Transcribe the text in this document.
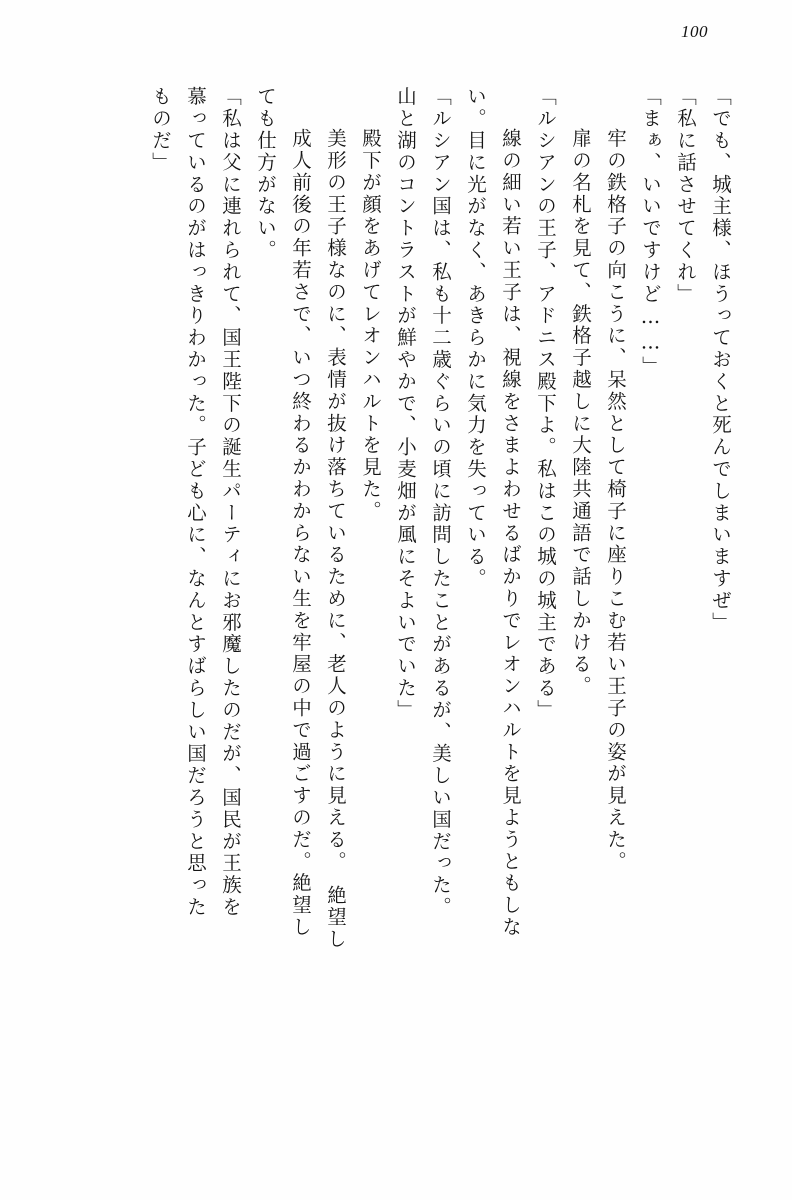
100
「でも、城主様、ほうっておくと死んでしまいますぜ」
「私に話させてくれ」
「まぁ、いいですけど……」
　牢の鉄格子の向こうに、呆然として椅子に座りこむ若い王子の姿が見えた。
　扉の名札を見て、鉄格子越しに大陸共通語で話しかける。
「ルシアンの王子、アドニス殿下よ。私はこの城の城主である」
　線の細い若い王子は、視線をさまよわせるばかりでレオンハルトを見ようともしな
い。目に光がなく、あきらかに気力を失っている。
「ルシアン国は、私も十二歳ぐらいの頃に訪問したことがあるが、美しい国だった。
山と湖のコントラストが鮮やかで、小麦畑が風にそよいでいた」
　殿下が顔をあげてレオンハルトを見た。
　美形の王子様なのに、表情が抜け落ちているために、老人のように見える。　絶望し
　成人前後の年若さで、いつ終わるかわからない生を牢屋の中で過ごすのだ。絶望し
ても仕方がない。
「私は父に連れられて、国王陛下の誕生パーティにお邪魔したのだが、国民が王族を
慕っているのがはっきりわかった。子ども心に、なんとすばらしい国だろうと思った
ものだ」
